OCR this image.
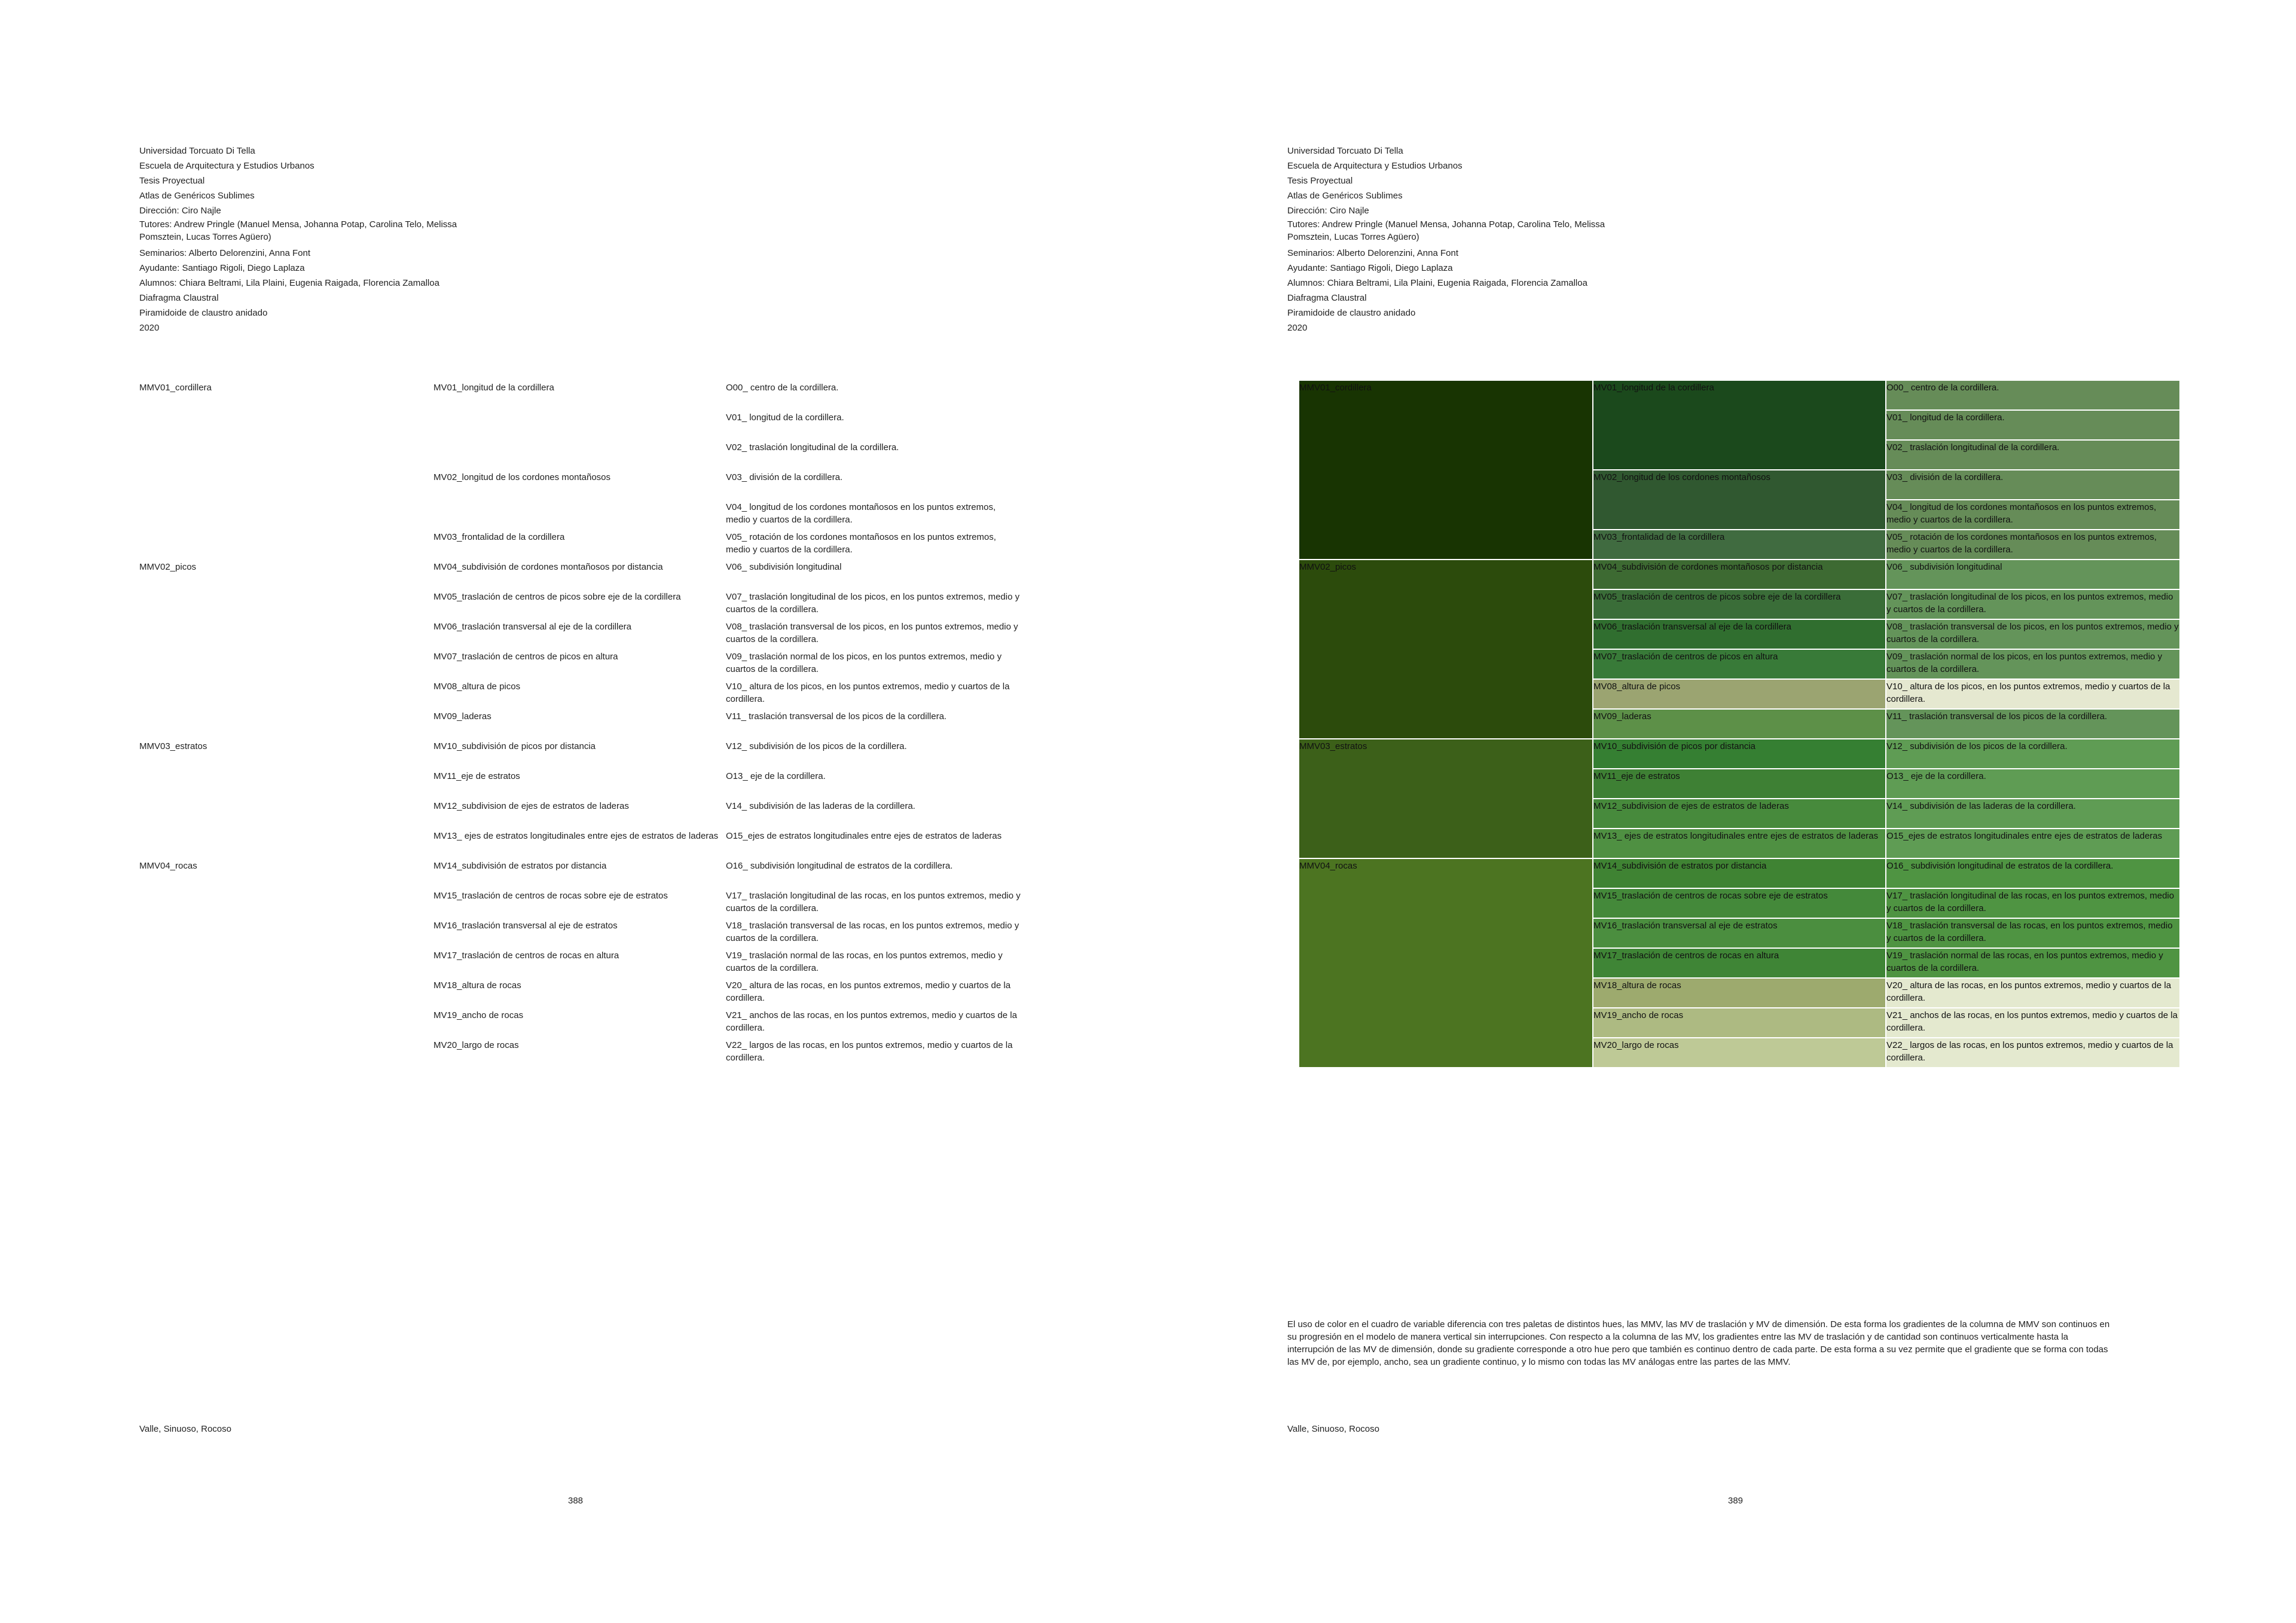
Universidad Torcuato Di Tella
Escuela de Arquitectura y Estudios Urbanos
Tesis Proyectual
Atlas de Genéricos Sublimes
Dirección: Ciro Najle
Tutores: Andrew Pringle (Manuel Mensa, Johanna Potap, Carolina Telo, Melissa Pomsztein, Lucas Torres Agüero)
Seminarios: Alberto Delorenzini, Anna Font
Ayudante: Santiago Rigoli, Diego Laplaza
Alumnos: Chiara Beltrami, Lila Plaini, Eugenia Raigada, Florencia Zamalloa
Diafragma Claustral
Piramidoide de claustro anidado
2020
MMV01_cordillera
MMV02_picos
MMV03_estratos
MMV04_rocas
MV01_longitud de la cordillera
MV02_longitud de los cordones montañosos
MV03_frontalidad de la cordillera
MV04_subdivisión de cordones montañosos por distancia
MV05_traslación de centros de picos sobre eje de la cordillera
MV06_traslación transversal al eje de la cordillera
MV07_traslación de centros de picos en altura
MV08_altura de picos
MV09_laderas
MV10_subdivisión de picos por distancia
MV11_eje de estratos
MV12_subdivision de ejes de estratos de laderas
MV13_ ejes de estratos longitudinales entre ejes de estratos de laderas
MV14_subdivisión de estratos por distancia
MV15_traslación de centros de rocas sobre eje de estratos
MV16_traslación transversal al eje de estratos
MV17_traslación de centros de rocas en altura
MV18_altura de rocas
MV19_ancho de rocas
MV20_largo de rocas
O00_ centro de la cordillera.
V01_ longitud de la cordillera.
V02_ traslación longitudinal de la cordillera.
V03_ división de la cordillera.
V04_ longitud de los cordones montañosos en los puntos extremos, medio y cuartos de la cordillera.
V05_ rotación de los cordones montañosos en los puntos extremos, medio y cuartos de la cordillera.
V06_ subdivisión longitudinal
V07_ traslación longitudinal de los picos, en los puntos extremos, medio y cuartos de la cordillera.
V08_ traslación transversal de los picos, en los puntos extremos, medio y cuartos de la cordillera.
V09_ traslación normal de los picos, en los puntos extremos, medio y cuartos de la cordillera.
V10_ altura de los picos, en los puntos extremos, medio y cuartos de la cordillera.
V11_ traslación transversal de los picos de la cordillera.
V12_ subdivisión de los picos de la cordillera.
O13_ eje de la cordillera.
V14_ subdivisión de las laderas de la cordillera.
O15_ejes de estratos longitudinales entre ejes de estratos de laderas
O16_ subdivisión longitudinal de estratos de la cordillera.
V17_ traslación longitudinal de las rocas, en los puntos extremos, medio y cuartos de la cordillera.
V18_ traslación transversal de las rocas, en los puntos extremos, medio y cuartos de la cordillera.
V19_ traslación normal de las rocas, en los puntos extremos, medio y cuartos de la cordillera.
V20_ altura de las rocas, en los puntos extremos, medio y cuartos de la cordillera.
V21_ anchos de las rocas, en los puntos extremos, medio y cuartos de la cordillera.
V22_ largos de las rocas, en los puntos extremos, medio y cuartos de la cordillera.
Valle, Sinuoso, Rocoso
388
Universidad Torcuato Di Tella
Escuela de Arquitectura y Estudios Urbanos
Tesis Proyectual
Atlas de Genéricos Sublimes
Dirección: Ciro Najle
Tutores: Andrew Pringle (Manuel Mensa, Johanna Potap, Carolina Telo, Melissa Pomsztein, Lucas Torres Agüero)
Seminarios: Alberto Delorenzini, Anna Font
Ayudante: Santiago Rigoli, Diego Laplaza
Alumnos: Chiara Beltrami, Lila Plaini, Eugenia Raigada, Florencia Zamalloa
Diafragma Claustral
Piramidoide de claustro anidado
2020
MMV01_cordillera
MMV02_picos
MMV03_estratos
MMV04_rocas
MV01_longitud de la cordillera
MV02_longitud de los cordones montañosos
MV03_frontalidad de la cordillera
MV04_subdivisión de cordones montañosos por distancia
MV05_traslación de centros de picos sobre eje de la cordillera
MV06_traslación transversal al eje de la cordillera
MV07_traslación de centros de picos en altura
MV08_altura de picos
MV09_laderas
MV10_subdivisión de picos por distancia
MV11_eje de estratos
MV12_subdivision de ejes de estratos de laderas
MV13_ ejes de estratos longitudinales entre ejes de estratos de laderas
MV14_subdivisión de estratos por distancia
MV15_traslación de centros de rocas sobre eje de estratos
MV16_traslación transversal al eje de estratos
MV17_traslación de centros de rocas en altura
MV18_altura de rocas
MV19_ancho de rocas
MV20_largo de rocas
O00_ centro de la cordillera.
V01_ longitud de la cordillera.
V02_ traslación longitudinal de la cordillera.
V03_ división de la cordillera.
V04_ longitud de los cordones montañosos en los puntos extremos, medio y cuartos de la cordillera.
V05_ rotación de los cordones montañosos en los puntos extremos, medio y cuartos de la cordillera.
V06_ subdivisión longitudinal
V07_ traslación longitudinal de los picos, en los puntos extremos, medio y cuartos de la cordillera.
V08_ traslación transversal de los picos, en los puntos extremos, medio y cuartos de la cordillera.
V09_ traslación normal de los picos, en los puntos extremos, medio y cuartos de la cordillera.
V10_ altura de los picos, en los puntos extremos, medio y cuartos de la cordillera.
V11_ traslación transversal de los picos de la cordillera.
V12_ subdivisión de los picos de la cordillera.
O13_ eje de la cordillera.
V14_ subdivisión de las laderas de la cordillera.
O15_ejes de estratos longitudinales entre ejes de estratos de laderas
O16_ subdivisión longitudinal de estratos de la cordillera.
V17_ traslación longitudinal de las rocas, en los puntos extremos, medio y cuartos de la cordillera.
V18_ traslación transversal de las rocas, en los puntos extremos, medio y cuartos de la cordillera.
V19_ traslación normal de las rocas, en los puntos extremos, medio y cuartos de la cordillera.
V20_ altura de las rocas, en los puntos extremos, medio y cuartos de la cordillera.
V21_ anchos de las rocas, en los puntos extremos, medio y cuartos de la cordillera.
V22_ largos de las rocas, en los puntos extremos, medio y cuartos de la cordillera.
El uso de color en el cuadro de variable diferencia con tres paletas de distintos hues, las MMV, las MV de traslación y MV de dimensión. De esta forma los gradientes de la columna de MMV son continuos en su progresión en el modelo de manera vertical sin interrupciones. Con respecto a la columna de las MV, los gradientes entre las MV de traslación y de cantidad son continuos verticalmente hasta la interrupción de las MV de dimensión, donde su gradiente corresponde a otro hue pero que también es continuo dentro de cada parte. De esta forma a su vez permite que el gradiente que se forma con todas las MV de, por ejemplo, ancho, sea un gradiente continuo, y lo mismo con todas las MV análogas entre las partes de las MMV.
Valle, Sinuoso, Rocoso
389
